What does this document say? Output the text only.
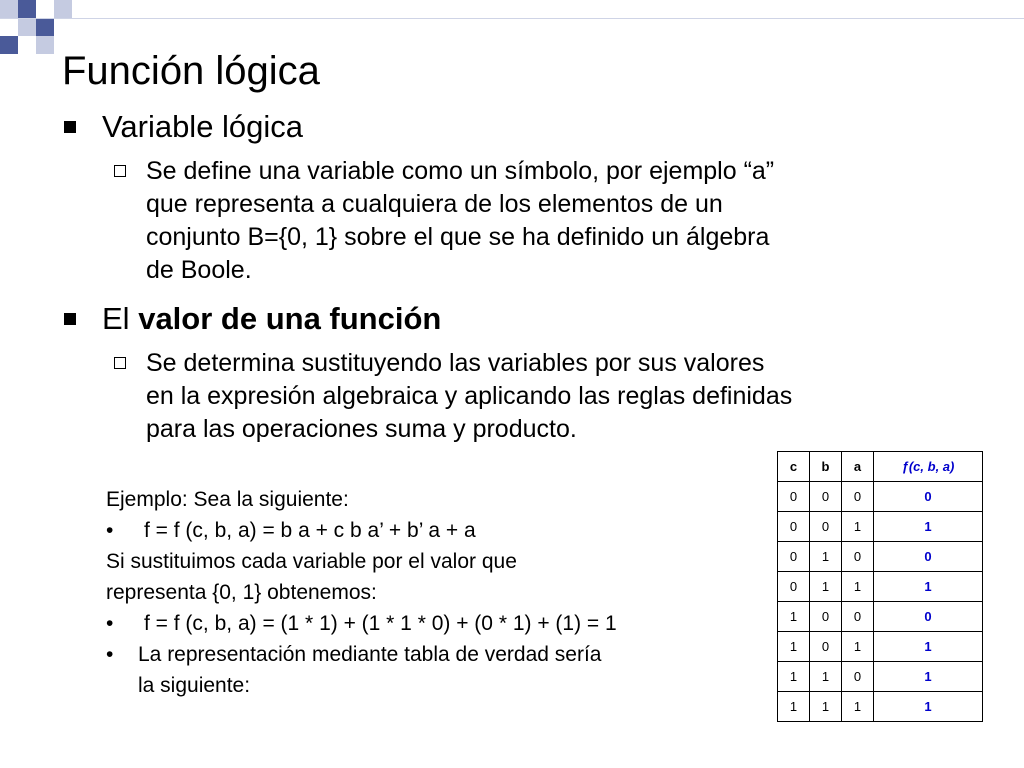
Función lógica
Variable lógica
Se define una variable como un símbolo, por ejemplo “a”
que representa a cualquiera de los elementos de un
conjunto B={0, 1} sobre el que se ha definido un álgebra
de Boole.
El valor de una función
Se determina sustituyendo las variables por sus valores
en la expresión algebraica y aplicando las reglas definidas
para las operaciones suma y producto.
Ejemplo: Sea la siguiente:
• f = f (c, b, a) = b a + c b a’ + b’ a + a
Si sustituimos cada variable por el valor que
representa {0, 1} obtenemos:
• f = f (c, b, a) = (1 * 1) + (1 * 1 * 0) + (0 * 1) + (1) = 1
• La representación mediante tabla de verdad sería
la siguiente:
c	b	a	ƒ(c, b, a)
0	0	0	0
0	0	1	1
0	1	0	0
0	1	1	1
1	0	0	0
1	0	1	1
1	1	0	1
1	1	1	1
